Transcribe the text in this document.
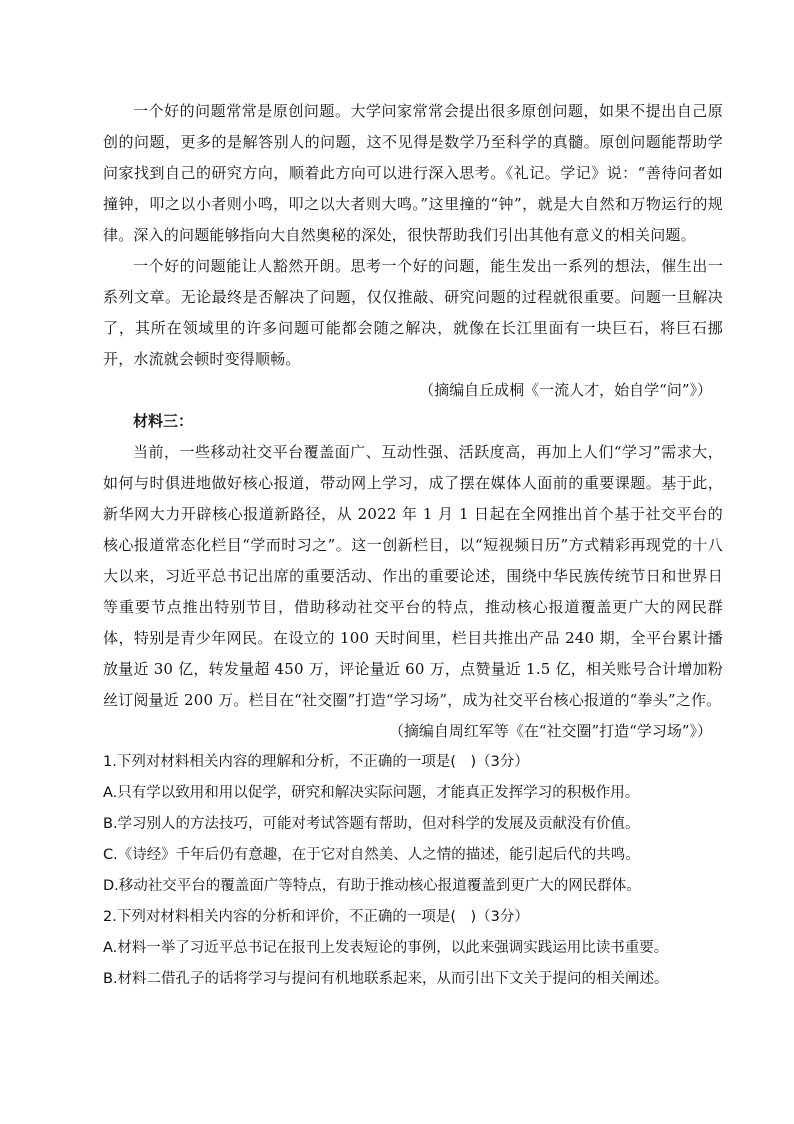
一个好的问题常常是原创问题。大学问家常常会提出很多原创问题，如果不提出自己原创的问题，更多的是解答别人的问题，这不见得是数学乃至科学的真髓。原创问题能帮助学问家找到自己的研究方向，顺着此方向可以进行深入思考。《礼记。学记》说：“善待问者如撞钟，叩之以小者则小鸣，叩之以大者则大鸣。”这里撞的“钟”，就是大自然和万物运行的规律。深入的问题能够指向大自然奥秘的深处，很快帮助我们引出其他有意义的相关问题。

一个好的问题能让人豁然开朗。思考一个好的问题，能生发出一系列的想法，催生出一系列文章。无论最终是否解决了问题，仅仅推敲、研究问题的过程就很重要。问题一旦解决了，其所在领域里的许多问题可能都会随之解决，就像在长江里面有一块巨石，将巨石挪开，水流就会顿时变得顺畅。

（摘编自丘成桐《一流人才，始自学“问”》）

材料三：

当前，一些移动社交平台覆盖面广、互动性强、活跃度高，再加上人们“学习”需求大，如何与时俱进地做好核心报道，带动网上学习，成了摆在媒体人面前的重要课题。基于此，新华网大力开辟核心报道新路径，从 2022 年 1 月 1 日起在全网推出首个基于社交平台的核心报道常态化栏目“学而时习之”。这一创新栏目，以“短视频日历”方式精彩再现党的十八大以来，习近平总书记出席的重要活动、作出的重要论述，围绕中华民族传统节日和世界日等重要节点推出特别节目，借助移动社交平台的特点，推动核心报道覆盖更广大的网民群体，特别是青少年网民。在设立的 100 天时间里，栏目共推出产品 240 期，全平台累计播放量近 30 亿，转发量超 450 万，评论量近 60 万，点赞量近 1.5 亿，相关账号合计增加粉丝订阅量近 200 万。栏目在“社交圈”打造“学习场”，成为社交平台核心报道的“拳头”之作。

（摘编自周红军等《在“社交圈”打造“学习场”》）

1.下列对材料相关内容的理解和分析，不正确的一项是(　)（3分）

A.只有学以致用和用以促学，研究和解决实际问题，才能真正发挥学习的积极作用。

B.学习别人的方法技巧，可能对考试答题有帮助，但对科学的发展及贡献没有价值。

C.《诗经》千年后仍有意趣，在于它对自然美、人之情的描述，能引起后代的共鸣。

D.移动社交平台的覆盖面广等特点，有助于推动核心报道覆盖到更广大的网民群体。

2.下列对材料相关内容的分析和评价，不正确的一项是(　)（3分）

A.材料一举了习近平总书记在报刊上发表短论的事例，以此来强调实践运用比读书重要。

B.材料二借孔子的话将学习与提问有机地联系起来，从而引出下文关于提问的相关阐述。
